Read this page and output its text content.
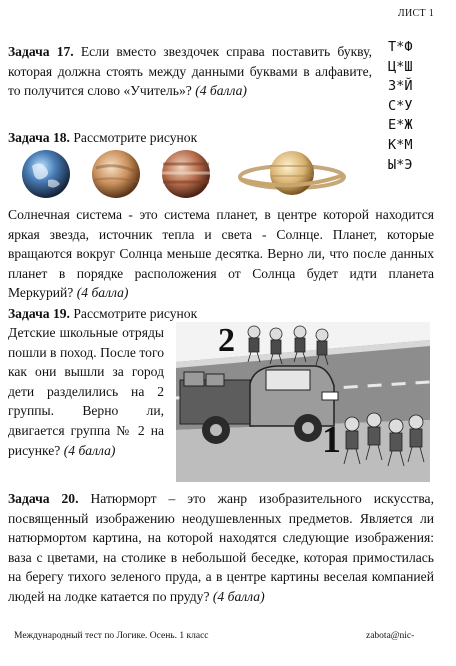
ЛИСТ 1
Задача 17. Если вместо звездочек справа поставить букву, которая должна стоять между данными буквами в алфавите, то получится слово «Учитель»? (4 балла)
Т*Ф
Ц*Ш
З*Й
С*У
Е*Ж
К*М
Ы*Э
Задача 18. Рассмотрите рисунок
Солнечная система - это система планет, в центре которой находится яркая звезда, источник тепла и света - Солнце. Планет, которые вращаются вокруг Солнца меньше десятка. Верно ли, что после данных планет в порядке расположения от Солнца будет идти планета Меркурий? (4 балла)
Задача 19. Рассмотрите рисунок
Детские школьные отряды пошли в поход. После того как они вышли за город дети разделились на 2 группы. Верно ли, двигается группа № 2 на рисунке? (4 балла)
2
1
Задача 20. Натюрморт – это жанр изобразительного искусства, посвященный изображению неодушевленных предметов. Является ли натюрмортом картина, на которой находятся следующие изображения: ваза с цветами, на столике в небольшой беседке, которая примостилась на берегу тихого зеленого пруда, а в центре картины веселая компанией людей на лодке катается по пруду? (4 балла)
Международный тест по Логике. Осень. 1 класс	zabota@nic-
